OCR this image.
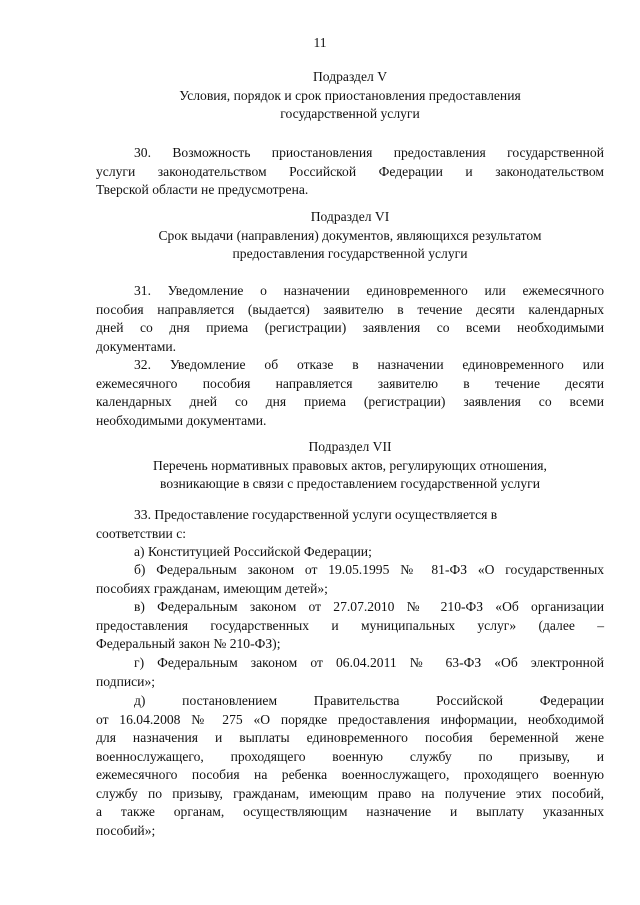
11
Подраздел V
Условия, порядок и срок приостановления предоставления
государственной услуги
30. Возможность приостановления предоставления государственной
услуги законодательством Российской Федерации и законодательством
Тверской области не предусмотрена.
Подраздел VI
Срок выдачи (направления) документов, являющихся результатом
предоставления государственной услуги
31. Уведомление о назначении единовременного или ежемесячного
пособия направляется (выдается) заявителю в течение десяти календарных
дней со дня приема (регистрации) заявления со всеми необходимыми
документами.
32. Уведомление об отказе в назначении единовременного или
ежемесячного пособия направляется заявителю в течение десяти
календарных дней со дня приема (регистрации) заявления со всеми
необходимыми документами.
Подраздел VII
Перечень нормативных правовых актов, регулирующих отношения,
возникающие в связи с предоставлением государственной услуги
33. Предоставление государственной услуги осуществляется в
соответствии с:
а) Конституцией Российской Федерации;
б) Федеральным законом от 19.05.1995 № 81-ФЗ «О государственных
пособиях гражданам, имеющим детей»;
в) Федеральным законом от 27.07.2010 № 210-ФЗ «Об организации
предоставления государственных и муниципальных услуг» (далее –
Федеральный закон № 210-ФЗ);
г) Федеральным законом от 06.04.2011 № 63-ФЗ «Об электронной
подписи»;
д) постановлением Правительства Российской Федерации
от 16.04.2008 № 275 «О порядке предоставления информации, необходимой
для назначения и выплаты единовременного пособия беременной жене
военнослужащего, проходящего военную службу по призыву, и
ежемесячного пособия на ребенка военнослужащего, проходящего военную
службу по призыву, гражданам, имеющим право на получение этих пособий,
а также органам, осуществляющим назначение и выплату указанных
пособий»;
